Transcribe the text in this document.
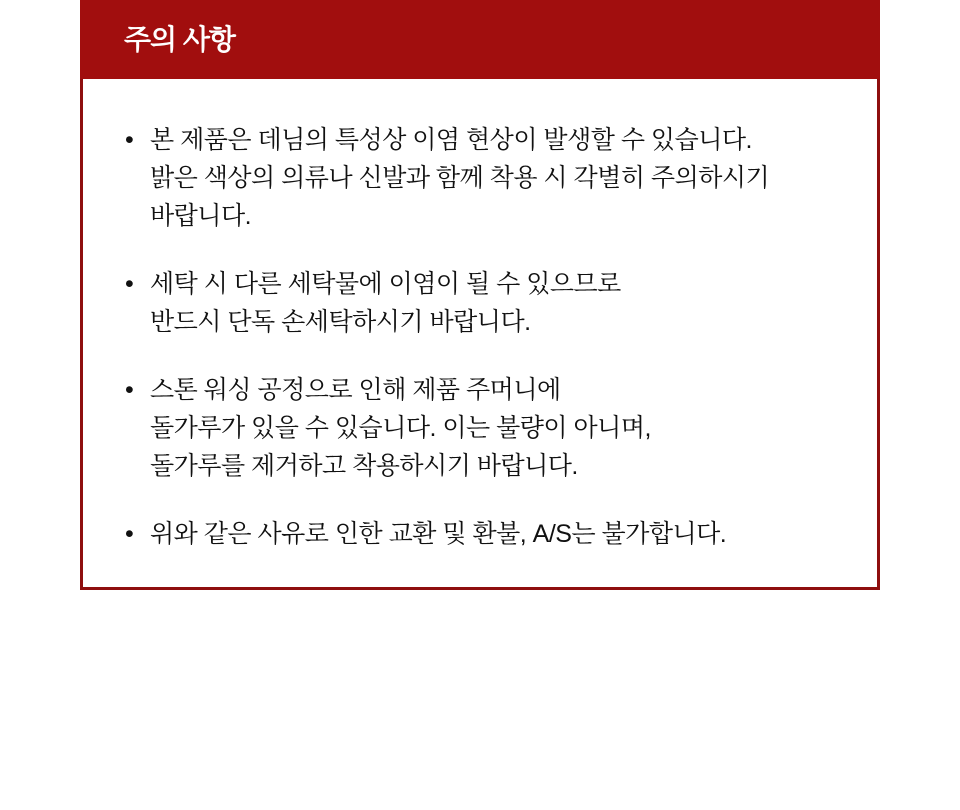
주의 사항
• 본 제품은 데님의 특성상 이염 현상이 발생할 수 있습니다.
밝은 색상의 의류나 신발과 함께 착용 시 각별히 주의하시기
바랍니다.
• 세탁 시 다른 세탁물에 이염이 될 수 있으므로
반드시 단독 손세탁하시기 바랍니다.
• 스톤 워싱 공정으로 인해 제품 주머니에
돌가루가 있을 수 있습니다. 이는 불량이 아니며,
돌가루를 제거하고 착용하시기 바랍니다.
• 위와 같은 사유로 인한 교환 및 환불, A/S는 불가합니다.
